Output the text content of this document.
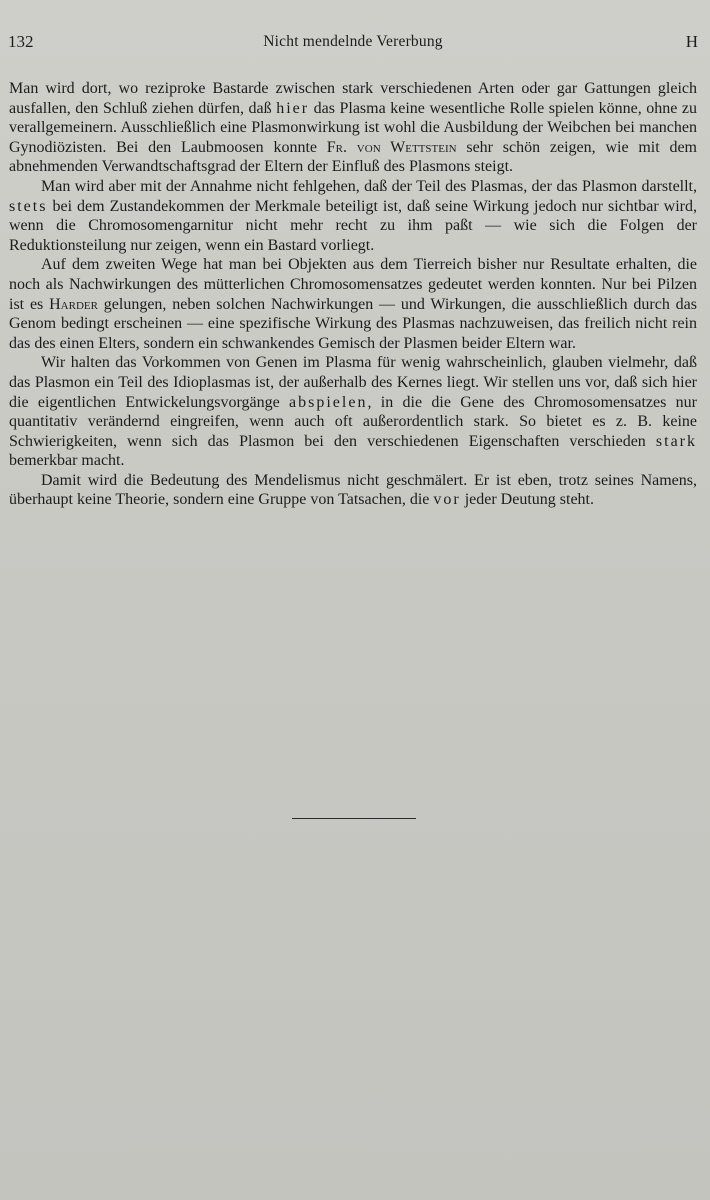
132	Nicht mendelnde Vererbung	H

Man wird dort, wo reziproke Bastarde zwischen stark verschiedenen Arten oder gar Gattungen gleich ausfallen, den Schluß ziehen dürfen, daß hier das Plasma keine wesentliche Rolle spielen könne, ohne zu verallgemeinern. Ausschließlich eine Plasmonwirkung ist wohl die Ausbildung der Weibchen bei manchen Gynodiözisten. Bei den Laubmoosen konnte Fr. von Wettstein sehr schön zeigen, wie mit dem abnehmenden Verwandtschaftsgrad der Eltern der Einfluß des Plasmons steigt.

Man wird aber mit der Annahme nicht fehlgehen, daß der Teil des Plasmas, der das Plasmon darstellt, stets bei dem Zustandekommen der Merkmale beteiligt ist, daß seine Wirkung jedoch nur sichtbar wird, wenn die Chromosomengarnitur nicht mehr recht zu ihm paßt — wie sich die Folgen der Reduktionsteilung nur zeigen, wenn ein Bastard vorliegt.

Auf dem zweiten Wege hat man bei Objekten aus dem Tierreich bisher nur Resultate erhalten, die noch als Nachwirkungen des mütterlichen Chromosomensatzes gedeutet werden konnten. Nur bei Pilzen ist es Harder gelungen, neben solchen Nachwirkungen — und Wirkungen, die ausschließlich durch das Genom bedingt erscheinen — eine spezifische Wirkung des Plasmas nachzuweisen, das freilich nicht rein das des einen Elters, sondern ein schwankendes Gemisch der Plasmen beider Eltern war.

Wir halten das Vorkommen von Genen im Plasma für wenig wahrscheinlich, glauben vielmehr, daß das Plasmon ein Teil des Idioplasmas ist, der außerhalb des Kernes liegt. Wir stellen uns vor, daß sich hier die eigentlichen Entwickelungsvorgänge abspielen, in die die Gene des Chromosomensatzes nur quantitativ verändernd eingreifen, wenn auch oft außerordentlich stark. So bietet es z. B. keine Schwierigkeiten, wenn sich das Plasmon bei den verschiedenen Eigenschaften verschieden stark bemerkbar macht.

Damit wird die Bedeutung des Mendelismus nicht geschmälert. Er ist eben, trotz seines Namens, überhaupt keine Theorie, sondern eine Gruppe von Tatsachen, die vor jeder Deutung steht.
